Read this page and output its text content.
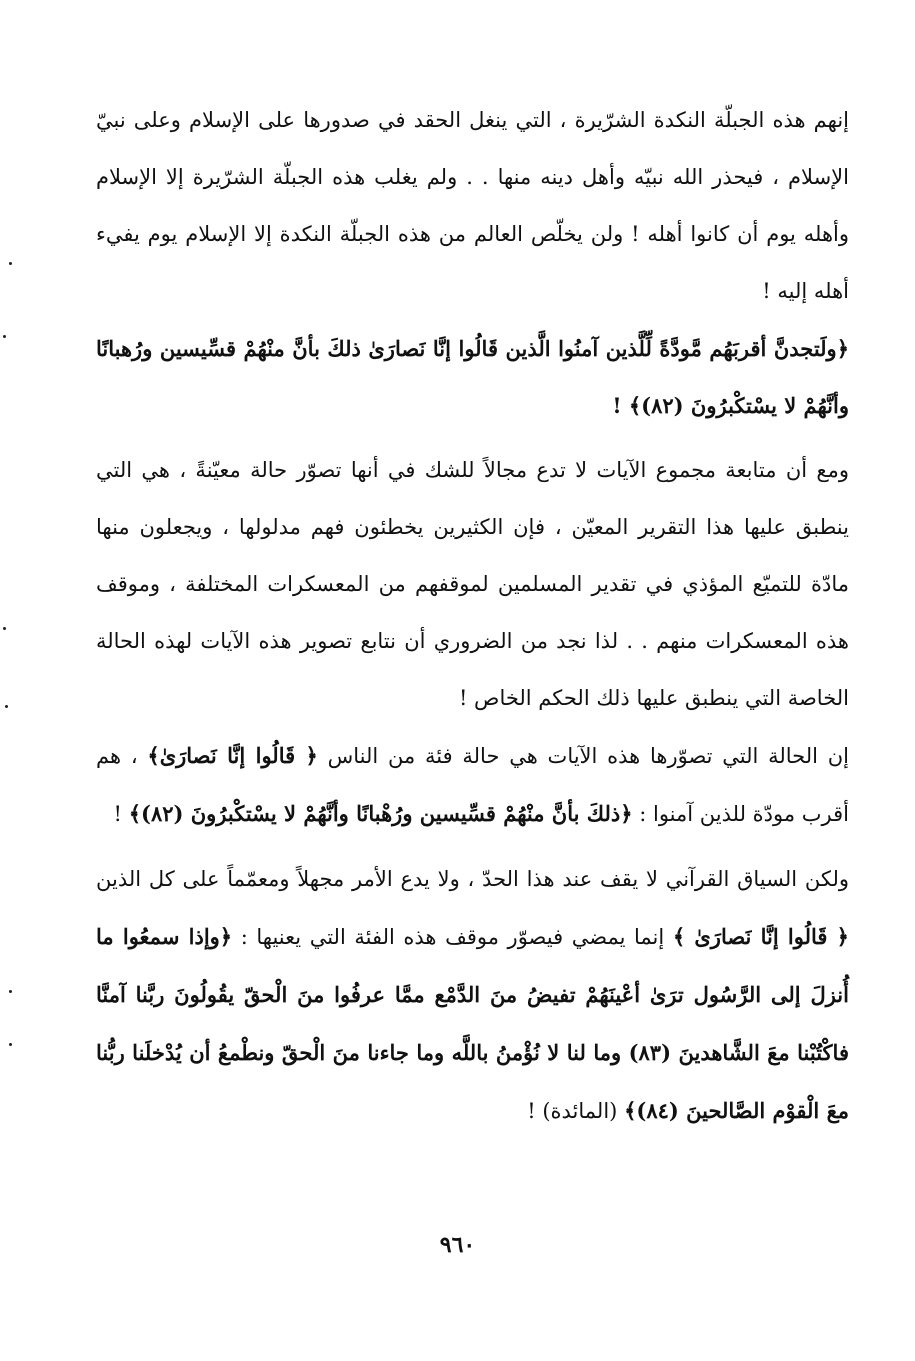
إنهم هذه الجبلّة النكدة الشرّيرة ، التي ينغل الحقد في صدورها على الإسلام وعلى نبيّ الإسلام ، فيحذر الله نبيّه وأهل دينه منها . . ولم يغلب هذه الجبلّة الشرّيرة إلا الإسلام وأهله يوم أن كانوا أهله ! ولن يخلّص العالم من هذه الجبلّة النكدة إلا الإسلام يوم يفيء أهله إليه !

﴿ولَتجدنَّ أقربَهُم مَّودَّةً لِّلَّذين آمنُوا الَّذين قَالُوا إنَّا نَصارَىٰ ذلكَ بأنَّ منْهُمْ قسِّيسين ورُهبانًا وأنَّهُمْ لا يسْتكْبرُونَ (٨٢)﴾ !

ومع أن متابعة مجموع الآيات لا تدع مجالاً للشك في أنها تصوّر حالة معيّنةً ، هي التي ينطبق عليها هذا التقرير المعيّن ، فإن الكثيرين يخطئون فهم مدلولها ، ويجعلون منها مادّة للتميّع المؤذي في تقدير المسلمين لموقفهم من المعسكرات المختلفة ، وموقف هذه المعسكرات منهم . . لذا نجد من الضروري أن نتابع تصوير هذه الآيات لهذه الحالة الخاصة التي ينطبق عليها ذلك الحكم الخاص !

إن الحالة التي تصوّرها هذه الآيات هي حالة فئة من الناس ﴿ قَالُوا إنَّا نَصارَىٰ﴾ ، هم أقرب مودّة للذين آمنوا : ﴿ذلكَ بأنَّ منْهُمْ قسِّيسين ورُهْبانًا وأنَّهُمْ لا يسْتكْبرُونَ (٨٢)﴾ !

ولكن السياق القرآني لا يقف عند هذا الحدّ ، ولا يدع الأمر مجهلاً ومعمّماً على كل الذين ﴿ قَالُوا إنَّا نَصارَىٰ ﴾ إنما يمضي فيصوّر موقف هذه الفئة التي يعنيها : ﴿وإذا سمعُوا ما أُنزلَ إلى الرَّسُول ترَىٰ أعْينَهُمْ تفيضُ منَ الدَّمْع ممَّا عرفُوا منَ الْحقّ يقُولُونَ ربَّنا آمنَّا فاكْتُبْنا معَ الشَّاهدينَ (٨٣) وما لنا لا نُؤْمنُ باللَّه وما جاءنا منَ الْحقّ ونطْمعُ أن يُدْخلَنا ربُّنا معَ الْقوْم الصَّالحينَ (٨٤)﴾ (المائدة) !

٩٦٠
